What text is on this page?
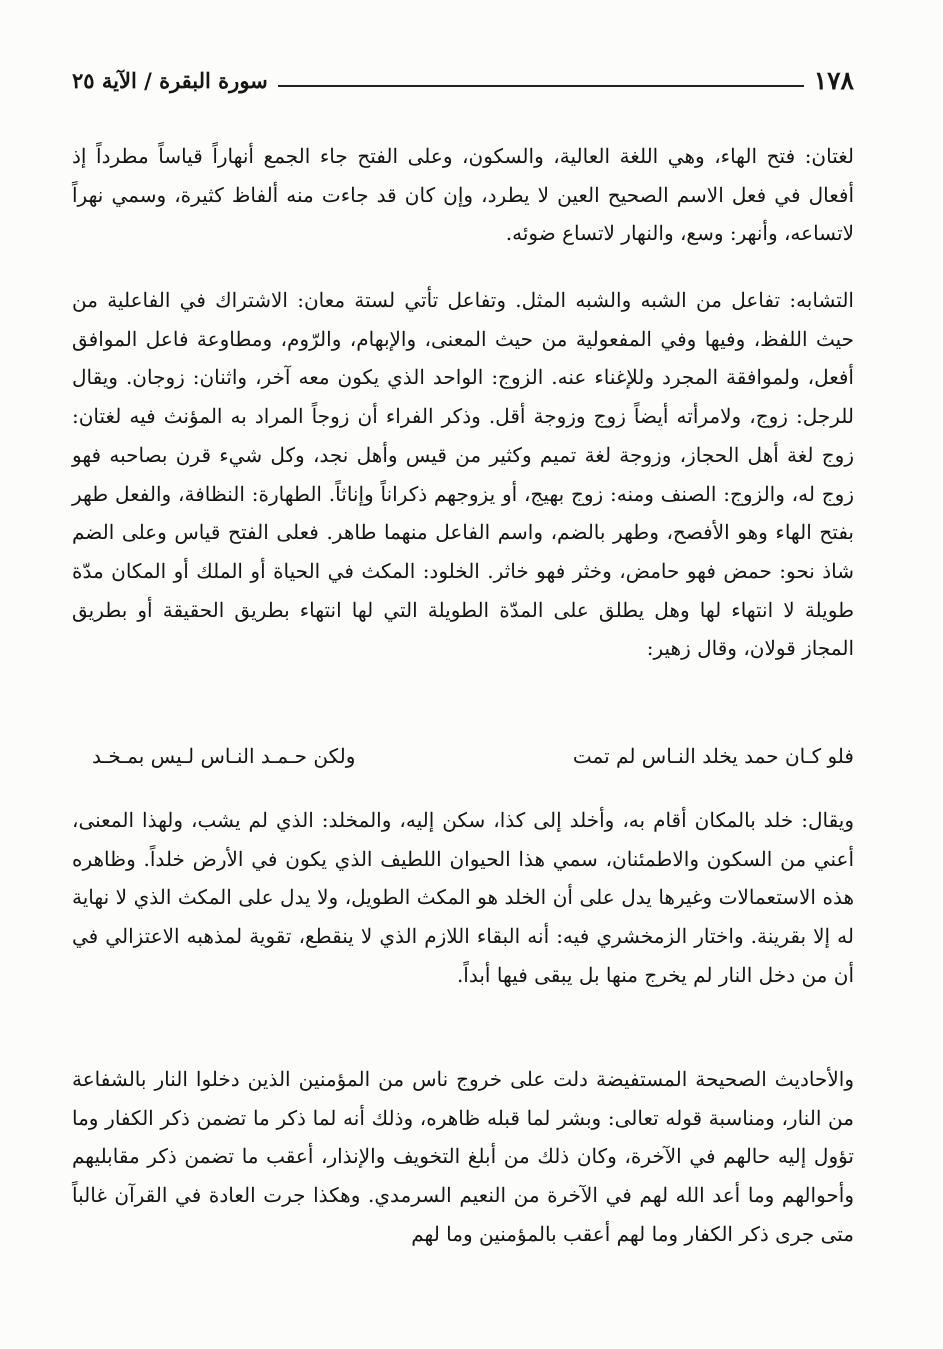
١٧٨
سورة البقرة / الآية ٢٥
لغتان: فتح الهاء، وهي اللغة العالية، والسكون، وعلى الفتح جاء الجمع أنهاراً قياساً مطرداً إذ أفعال في فعل الاسم الصحيح العين لا يطرد، وإن كان قد جاءت منه ألفاظ كثيرة، وسمي نهراً لاتساعه، وأنهر: وسع، والنهار لاتساع ضوئه.
التشابه: تفاعل من الشبه والشبه المثل. وتفاعل تأتي لستة معان: الاشتراك في الفاعلية من حيث اللفظ، وفيها وفي المفعولية من حيث المعنى، والإبهام، والرّوم، ومطاوعة فاعل الموافق أفعل، ولموافقة المجرد وللإغناء عنه. الزوج: الواحد الذي يكون معه آخر، واثنان: زوجان. ويقال للرجل: زوج، ولامرأته أيضاً زوج وزوجة أقل. وذكر الفراء أن زوجاً المراد به المؤنث فيه لغتان: زوج لغة أهل الحجاز، وزوجة لغة تميم وكثير من قيس وأهل نجد، وكل شيء قرن بصاحبه فهو زوج له، والزوج: الصنف ومنه: زوج بهيج، أو يزوجهم ذكراناً وإناثاً. الطهارة: النظافة، والفعل طهر بفتح الهاء وهو الأفصح، وطهر بالضم، واسم الفاعل منهما طاهر. فعلى الفتح قياس وعلى الضم شاذ نحو: حمض فهو حامض، وخثر فهو خاثر. الخلود: المكث في الحياة أو الملك أو المكان مدّة طويلة لا انتهاء لها وهل يطلق على المدّة الطويلة التي لها انتهاء بطريق الحقيقة أو بطريق المجاز قولان، وقال زهير:
فلو كـان حمد يخلد النـاس لم تمت
ولكن حـمـد النـاس لـيس بمـخـد
ويقال: خلد بالمكان أقام به، وأخلد إلى كذا، سكن إليه، والمخلد: الذي لم يشب، ولهذا المعنى، أعني من السكون والاطمئنان، سمي هذا الحيوان اللطيف الذي يكون في الأرض خلداً. وظاهره هذه الاستعمالات وغيرها يدل على أن الخلد هو المكث الطويل، ولا يدل على المكث الذي لا نهاية له إلا بقرينة. واختار الزمخشري فيه: أنه البقاء اللازم الذي لا ينقطع، تقوية لمذهبه الاعتزالي في أن من دخل النار لم يخرج منها بل يبقى فيها أبداً.
والأحاديث الصحيحة المستفيضة دلت على خروج ناس من المؤمنين الذين دخلوا النار بالشفاعة من النار، ومناسبة قوله تعالى: وبشر لما قبله ظاهره، وذلك أنه لما ذكر ما تضمن ذكر الكفار وما تؤول إليه حالهم في الآخرة، وكان ذلك من أبلغ التخويف والإنذار، أعقب ما تضمن ذكر مقابليهم وأحوالهم وما أعد الله لهم في الآخرة من النعيم السرمدي. وهكذا جرت العادة في القرآن غالباً متى جرى ذكر الكفار وما لهم أعقب بالمؤمنين وما لهم
